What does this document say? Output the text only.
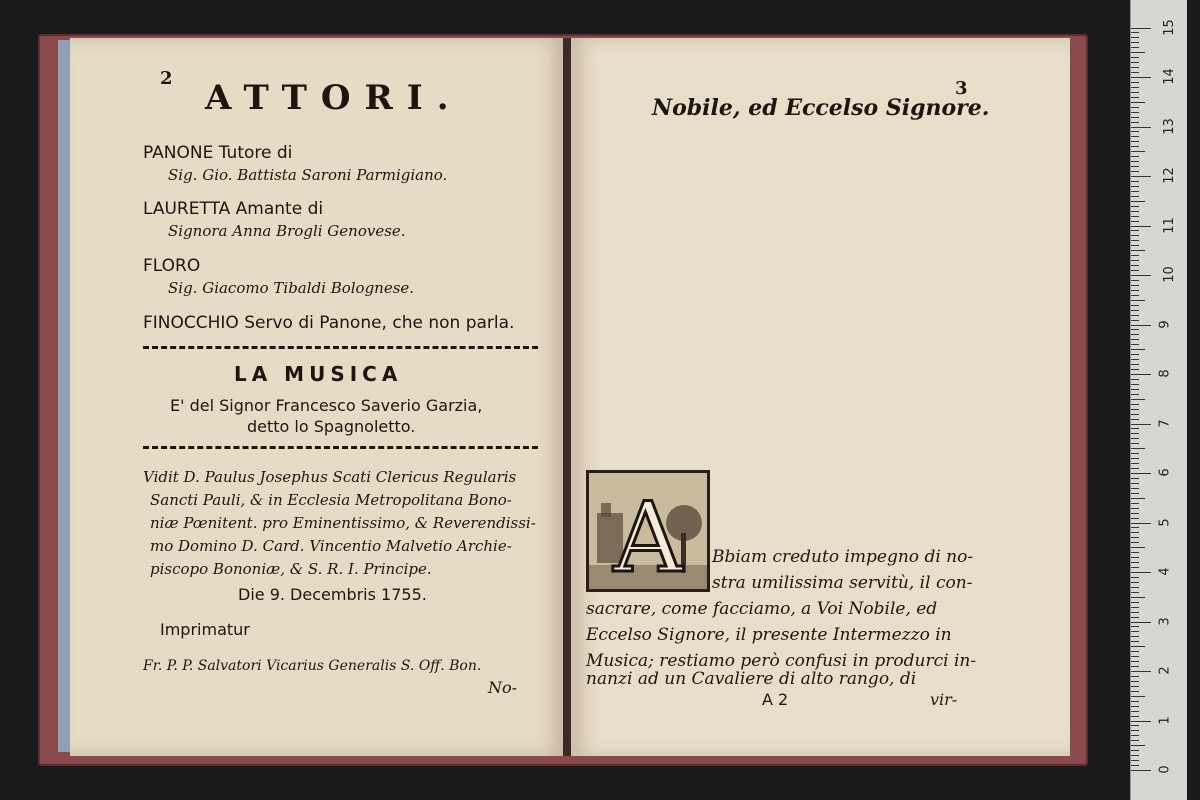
2 ATTORI.
PANONE Tutore di
Sig. Gio. Battista Saroni Parmigiano.
LAURETTA Amante di
Signora Anna Brogli Genovese.
FLORO
Sig. Giacomo Tibaldi Bolognese.
FINOCCHIO Servo di Panone, che non parla.
LA MUSICA
E' del Signor Francesco Saverio Garzia,
detto lo Spagnoletto.
Vidit D. Paulus Josephus Scati Clericus Regularis
Sancti Pauli, & in Ecclesia Metropolitana Bono-
niæ Pœnitent. pro Eminentissimo, & Reverendissi-
mo Domino D. Card. Vincentio Malvetio Archie-
piscopo Bononiæ, & S. R. I. Principe.
Die 9. Decembris 1755.
Imprimatur
Fr. P. P. Salvatori Vicarius Generalis S. Off. Bon.
No-
3
Nobile, ed Eccelso Signore.
A Bbiam creduto impegno di no-
stra umilissima servitù, il con-
sacrare, come facciamo, a Voi Nobile, ed
Eccelso Signore, il presente Intermezzo in
Musica; restiamo però confusi in produrci in-
nanzi ad un Cavaliere di alto rango, di
A 2	vir-
0
1
2
3
4
5
6
7
8
9
10
11
12
13
14
15
